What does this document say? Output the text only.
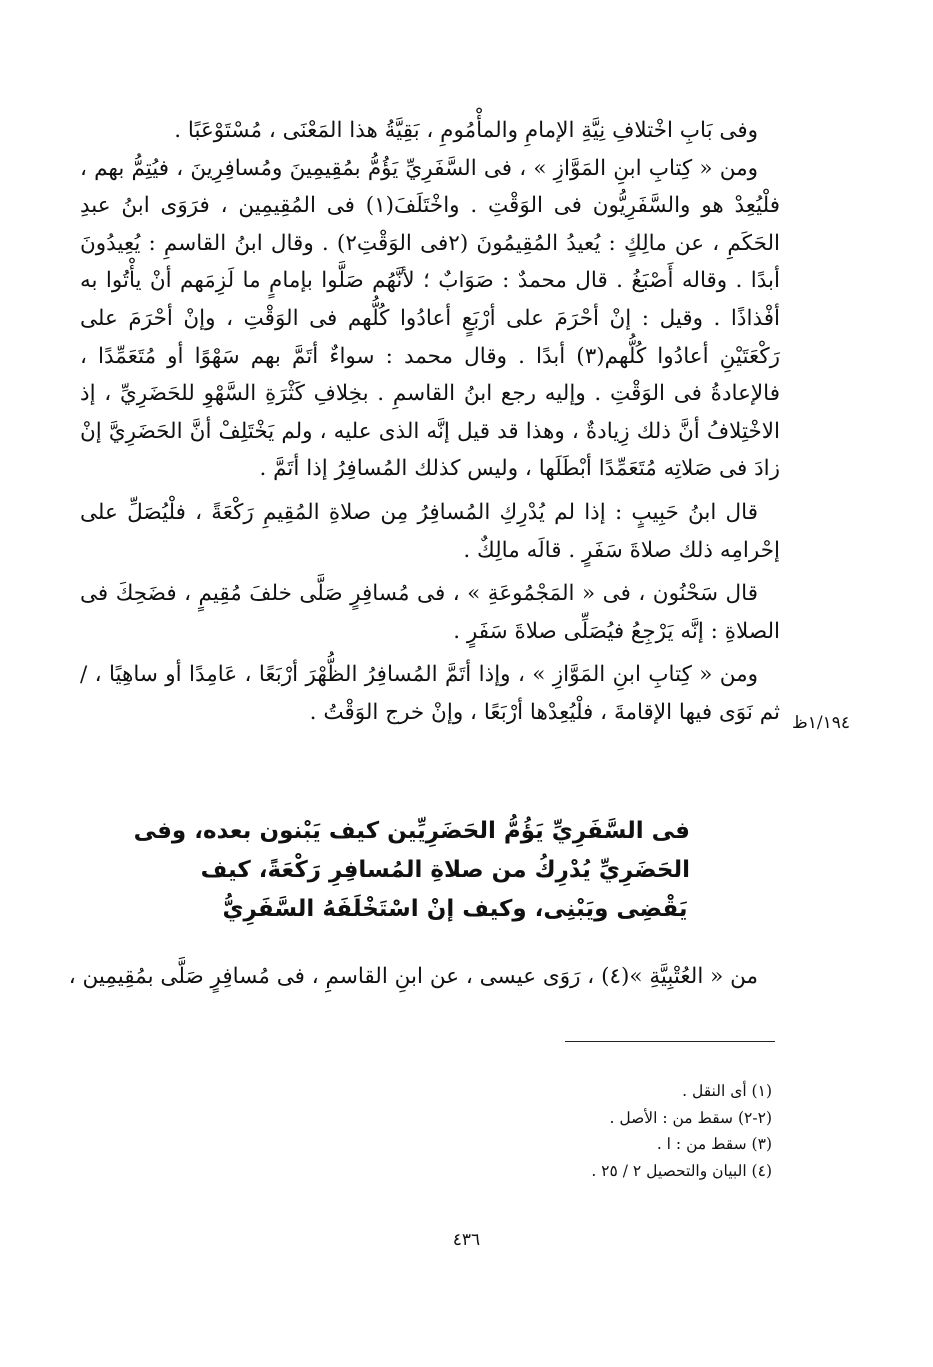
وفى بَابِ اخْتلافِ نِيَّةِ الإمامِ والمأْمُومِ ، بَقِيَّةُ هذا المَعْنَى ، مُسْتَوْعَبًا .

ومن « كِتابِ ابنِ المَوَّازِ » ، فى السَّفَرِيِّ يَؤُمُّ بمُقِيمِينَ ومُسافِرِينَ ، فيُتِمُّ بهم ، فلْيُعِدْ هو والسَّفَرِيُّون فى الوَقْتِ . واخْتَلَفَ(١) فى المُقِيمِين ، فرَوَى ابنُ عبدِ الحَكَمِ ، عن مالِكٍ : يُعيدُ المُقِيمُونَ (٢فى الوَقْتِ٢) . وقال ابنُ القاسمِ : يُعِيدُونَ أبدًا . وقاله أَصْبَغُ . قال محمدٌ : صَوَابٌ ؛ لأنَّهُم صَلَّوا بإمامٍ ما لَزِمَهم أنْ يأْتُوا به أفْذاذًا . وقيل : إنْ أحْرَمَ على أرْبَعٍ أعادُوا كُلُّهم فى الوَقْتِ ، وإنْ أحْرَمَ على رَكْعَتَيْنِ أعادُوا كُلُّهم(٣) أبدًا . وقال محمد : سواءٌ أتَمَّ بهم سَهْوًا أو مُتَعَمِّدًا ، فالإعادةُ فى الوَقْتِ . وإليه رجع ابنُ القاسمِ . بخِلافِ كَثْرَةِ السَّهْوِ للحَضَرِيِّ ، إذ الاخْتِلافُ أنَّ ذلك زِيادةٌ ، وهذا قد قيل إنَّه الذى عليه ، ولم يَخْتَلِفْ أنَّ الحَضَرِيَّ إنْ زادَ فى صَلاتِه مُتَعَمِّدًا أبْطَلَها ، وليس كذلك المُسافِرُ إذا أتَمَّ .

قال ابنُ حَبِيبٍ : إذا لم يُدْرِكِ المُسافِرُ مِن صلاةِ المُقِيمِ رَكْعَةً ، فلْيُصَلِّ على إحْرامِه ذلك صلاةَ سَفَرٍ . قالَه مالِكٌ .

قال سَحْنُون ، فى « المَجْمُوعَةِ » ، فى مُسافِرٍ صَلَّى خلفَ مُقِيمٍ ، فضَحِكَ فى الصلاةِ : إنَّه يَرْجِعُ فيُصَلِّى صلاةَ سَفَرٍ .

ومن « كِتابِ ابنِ المَوَّازِ » ، وإذا أتَمَّ المُسافِرُ الظُّهْرَ أرْبَعًا ، عَامِدًا أو ساهِيًا ، / ثم نَوَى فيها الإقامةَ ، فلْيُعِدْها أرْبَعًا ، وإنْ خرج الوَقْتُ . ١/١٩٤ظ
فى السَّفَرِيِّ يَؤُمُّ الحَضَرِيِّين كيف يَبْنون بعده، وفى
الحَضَرِيِّ يُدْرِكُ من صلاةِ المُسافِرِ رَكْعَةً، كيف
يَقْضِى ويَبْنِى، وكيف إنْ اسْتَخْلَفَهُ السَّفَرِيُّ
من « العُتْبِيَّةِ »(٤) ، رَوَى عيسى ، عن ابنِ القاسمِ ، فى مُسافِرٍ صَلَّى بمُقِيمِين ،
(١) أى النقل .
(٢-٢) سقط من : الأصل .
(٣) سقط من : ا .
(٤) البيان والتحصيل ٢ / ٢٥ .
٤٣٦
